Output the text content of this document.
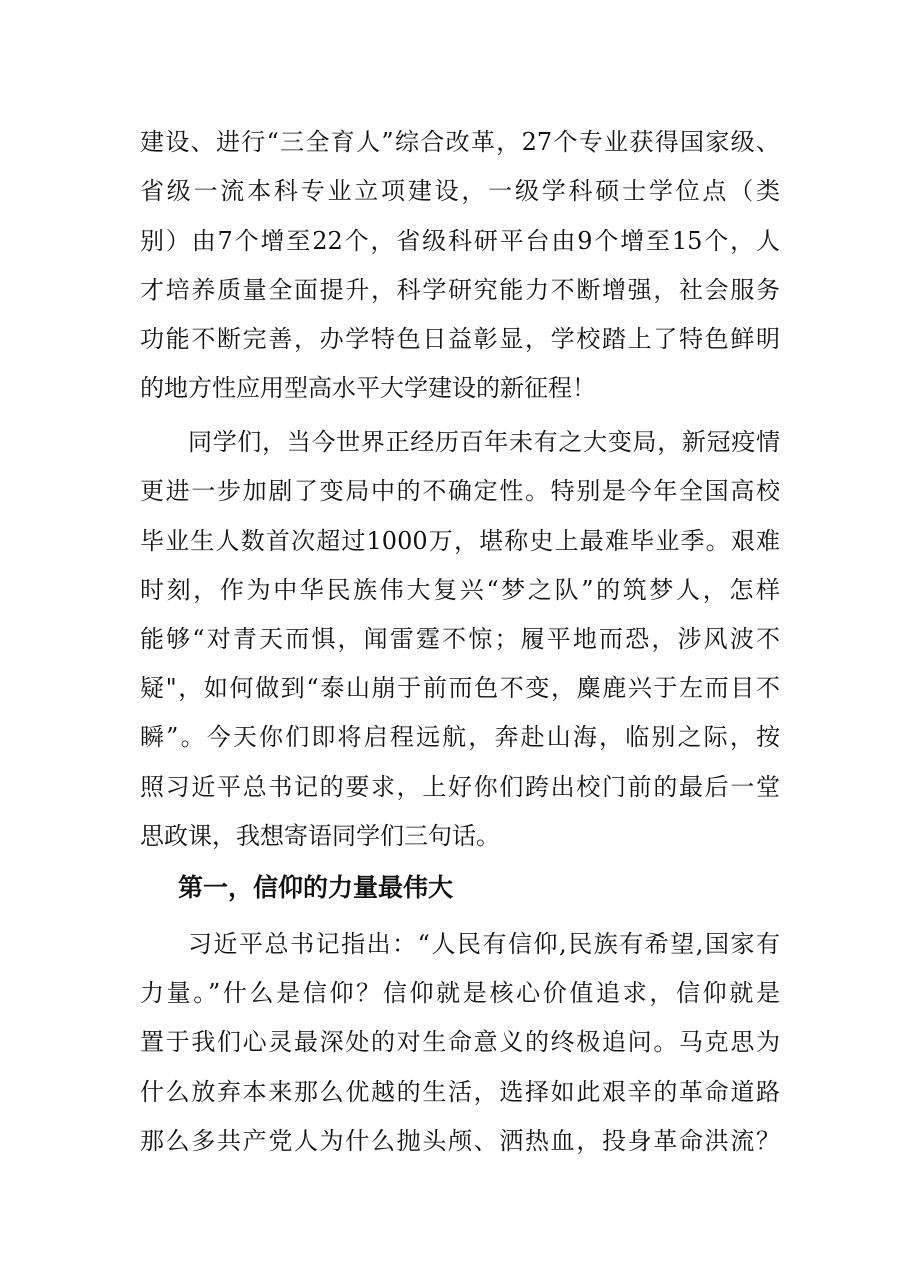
建设、进行“三全育人”综合改革，27个专业获得国家级、
省级一流本科专业立项建设，一级学科硕士学位点（类
别）由7个增至22个，省级科研平台由9个增至15个，人
才培养质量全面提升，科学研究能力不断增强，社会服务
功能不断完善，办学特色日益彰显，学校踏上了特色鲜明
的地方性应用型高水平大学建设的新征程！
同学们，当今世界正经历百年未有之大变局，新冠疫情
更进一步加剧了变局中的不确定性。特别是今年全国高校
毕业生人数首次超过1000万，堪称史上最难毕业季。艰难
时刻，作为中华民族伟大复兴“梦之队”的筑梦人，怎样
能够“对青天而惧，闻雷霆不惊；履平地而恐，涉风波不
疑"，如何做到“泰山崩于前而色不变，麋鹿兴于左而目不
瞬”。今天你们即将启程远航，奔赴山海，临别之际，按
照习近平总书记的要求，上好你们跨出校门前的最后一堂
思政课，我想寄语同学们三句话。
第一，信仰的力量最伟大
习近平总书记指出：“人民有信仰,民族有希望,国家有
力量。”什么是信仰？信仰就是核心价值追求，信仰就是
置于我们心灵最深处的对生命意义的终极追问。马克思为
什么放弃本来那么优越的生活，选择如此艰辛的革命道路
那么多共产党人为什么抛头颅、洒热血，投身革命洪流？
